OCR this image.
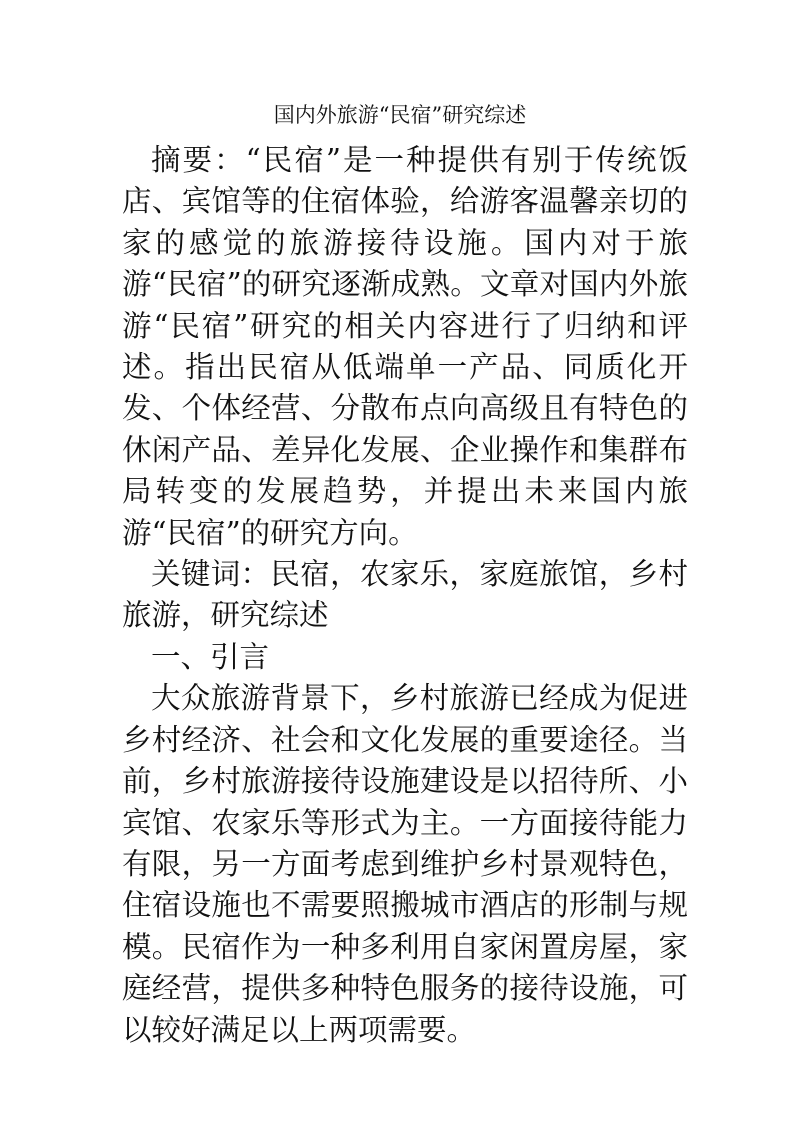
国内外旅游“民宿”研究综述

摘要：“民宿”是一种提供有别于传统饭店、宾馆等的住宿体验，给游客温馨亲切的家的感觉的旅游接待设施。国内对于旅游“民宿”的研究逐渐成熟。文章对国内外旅游“民宿”研究的相关内容进行了归纳和评述。指出民宿从低端单一产品、同质化开发、个体经营、分散布点向高级且有特色的休闲产品、差异化发展、企业操作和集群布局转变的发展趋势，并提出未来国内旅游“民宿”的研究方向。

关键词：民宿，农家乐，家庭旅馆，乡村旅游，研究综述

一、引言

大众旅游背景下，乡村旅游已经成为促进乡村经济、社会和文化发展的重要途径。当前，乡村旅游接待设施建设是以招待所、小宾馆、农家乐等形式为主。一方面接待能力有限，另一方面考虑到维护乡村景观特色，住宿设施也不需要照搬城市酒店的形制与规模。民宿作为一种多利用自家闲置房屋，家庭经营，提供多种特色服务的接待设施，可以较好满足以上两项需要。
